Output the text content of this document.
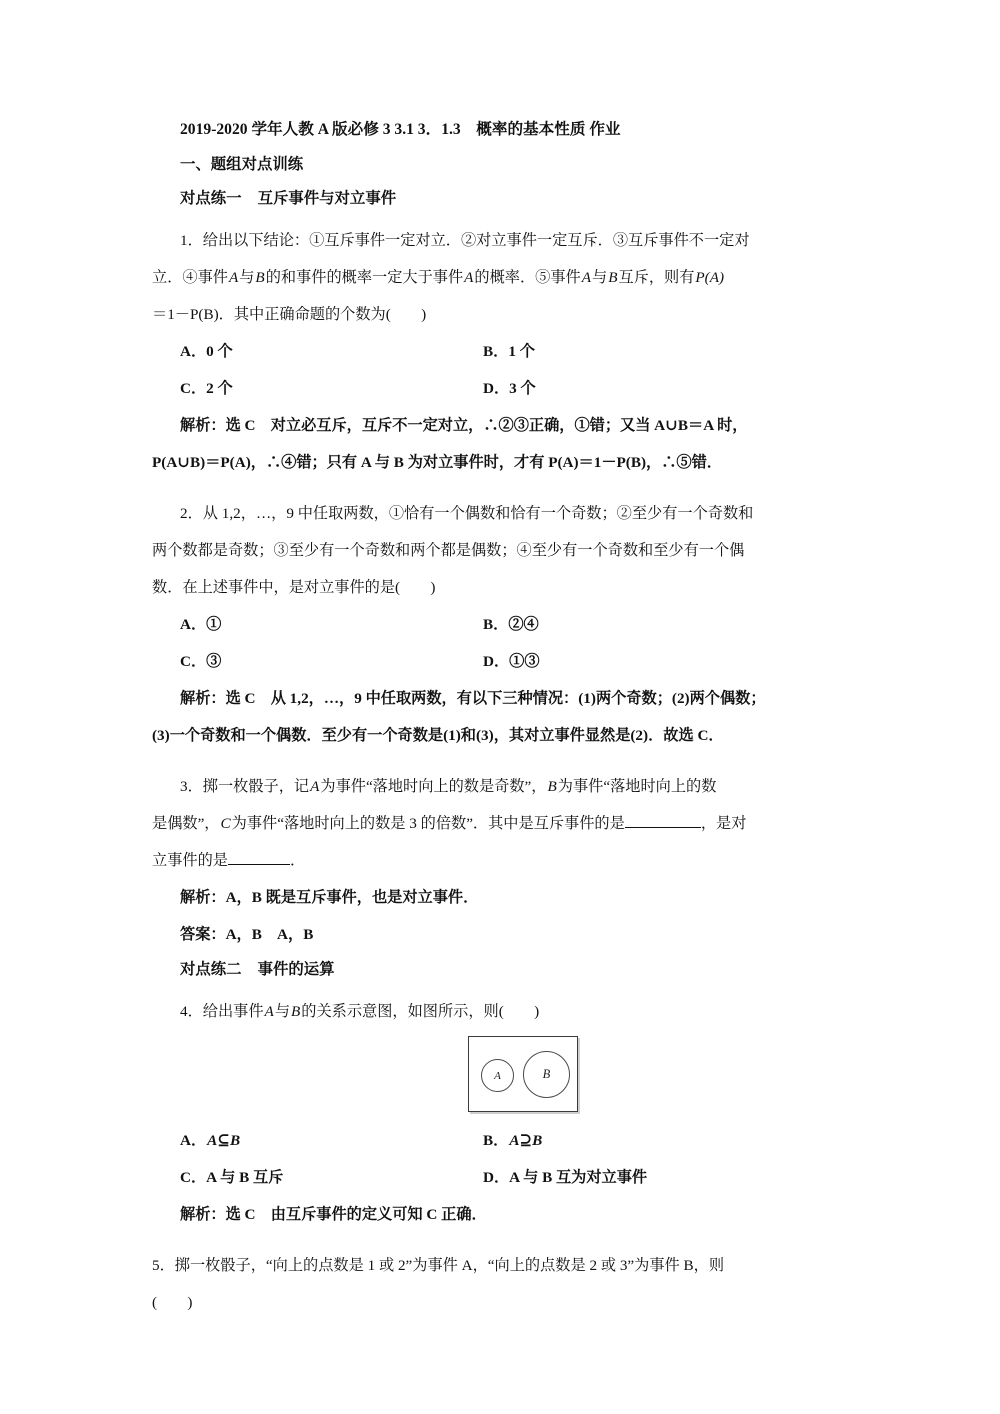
2019-2020 学年人教 A 版必修 3 3.1 3．1.3　概率的基本性质 作业
一、题组对点训练
对点练一 互斥事件与对立事件
1．给出以下结论：①互斥事件一定对立．②对立事件一定互斥．③互斥事件不一定对
立．④事件A与B的和事件的概率一定大于事件A的概率．⑤事件A与B互斥，则有P(A)
＝1－P(B)．其中正确命题的个数为(　　)
A．0 个	B．1 个
C．2 个	D．3 个
解析：选 C　对立必互斥，互斥不一定对立，∴②③正确，①错；又当 A∪B＝A 时，
P(A∪B)＝P(A)，∴④错；只有 A 与 B 为对立事件时，才有 P(A)＝1－P(B)，∴⑤错．
2．从 1,2，…，9 中任取两数，①恰有一个偶数和恰有一个奇数；②至少有一个奇数和
两个数都是奇数；③至少有一个奇数和两个都是偶数；④至少有一个奇数和至少有一个偶
数．在上述事件中，是对立事件的是(　　)
A．①	B．②④
C．③	D．①③
解析：选 C　从 1,2，…，9 中任取两数，有以下三种情况：(1)两个奇数；(2)两个偶数；
(3)一个奇数和一个偶数．至少有一个奇数是(1)和(3)，其对立事件显然是(2)．故选 C．
3．掷一枚骰子，记A为事件“落地时向上的数是奇数”，B为事件“落地时向上的数
是偶数”，C为事件“落地时向上的数是 3 的倍数”．其中是互斥事件的是	，是对
立事件的是	．
解析：A，B 既是互斥事件，也是对立事件．
答案：A，B　A，B
对点练二 事件的运算
4．给出事件A与B的关系示意图，如图所示，则(　　)
A	B
A．A⊆B	B．A⊇B
C．A 与 B 互斥	D．A 与 B 互为对立事件
解析：选 C　由互斥事件的定义可知 C 正确．
5．掷一枚骰子，“向上的点数是 1 或 2”为事件 A，“向上的点数是 2 或 3”为事件 B，则
(　　)
